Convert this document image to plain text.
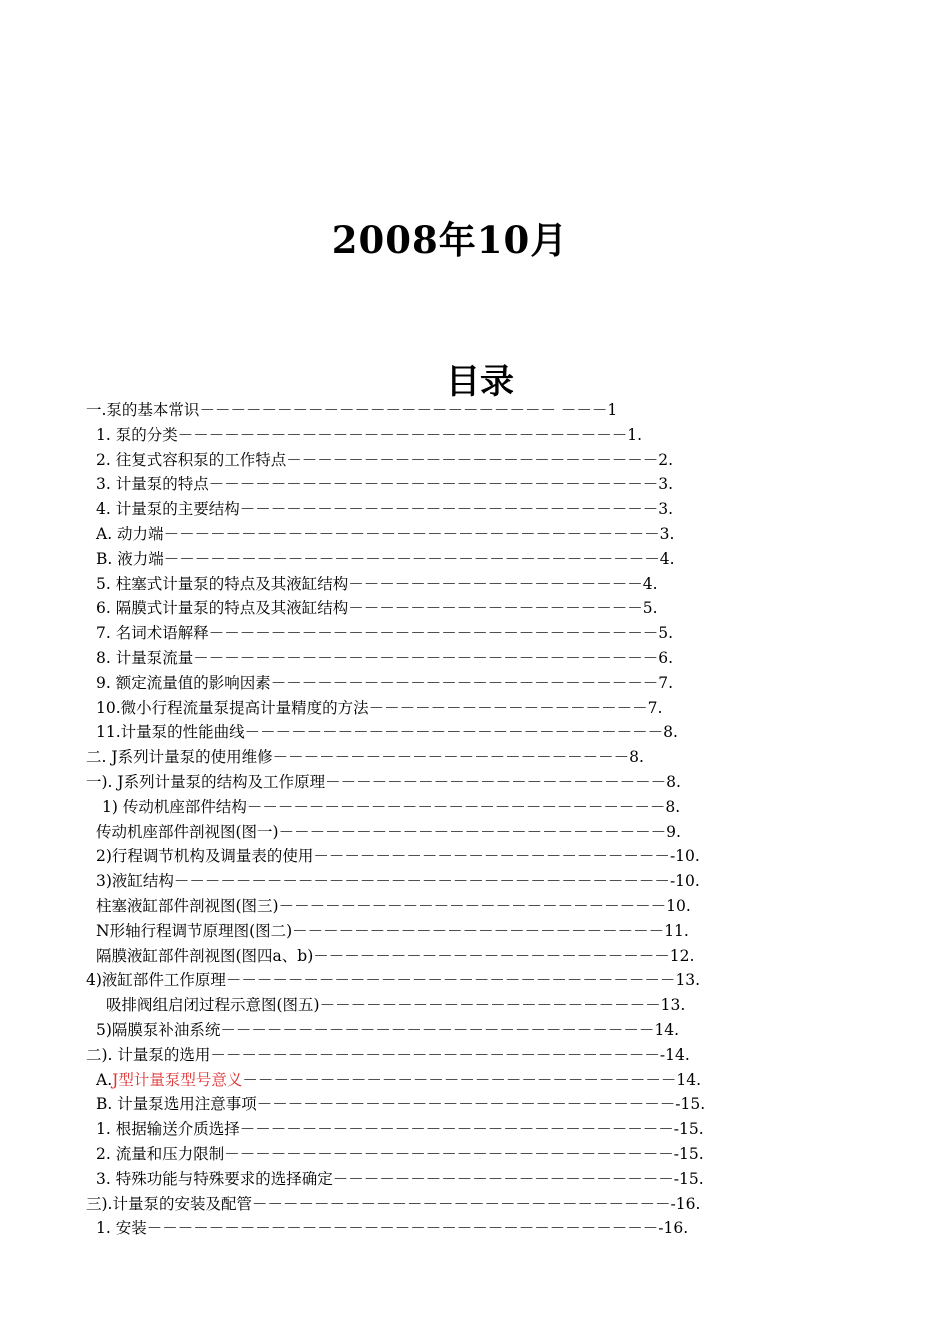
2008年10月
目录
一.泵的基本常识 －－－－－－－－－－－－－－－－－－－－－－－ －－－ 1
1. 泵的分类 －－－－－－－－－－－－－－－－－－－－－－－－－－－－－ 1.
2. 往复式容积泵的工作特点 －－－－－－－－－－－－－－－－－－－－－－－－ 2.
3. 计量泵的特点 －－－－－－－－－－－－－－－－－－－－－－－－－－－－－ 3.
4. 计量泵的主要结构 －－－－－－－－－－－－－－－－－－－－－－－－－－－ 3.
A. 动力端 －－－－－－－－－－－－－－－－－－－－－－－－－－－－－－－－ 3.
B. 液力端 －－－－－－－－－－－－－－－－－－－－－－－－－－－－－－－－ 4.
5. 柱塞式计量泵的特点及其液缸结构 －－－－－－－－－－－－－－－－－－－ 4.
6. 隔膜式计量泵的特点及其液缸结构 －－－－－－－－－－－－－－－－－－－ 5.
7. 名词术语解释 －－－－－－－－－－－－－－－－－－－－－－－－－－－－－ 5.
8. 计量泵流量 －－－－－－－－－－－－－－－－－－－－－－－－－－－－－－ 6.
9. 额定流量值的影响因素 －－－－－－－－－－－－－－－－－－－－－－－－－ 7.
10.微小行程流量泵提高计量精度的方法 －－－－－－－－－－－－－－－－－－ 7.
11.计量泵的性能曲线 －－－－－－－－－－－－－－－－－－－－－－－－－－－ 8.
二. J系列计量泵的使用维修 －－－－－－－－－－－－－－－－－－－－－－－ 8.
一). J系列计量泵的结构及工作原理 －－－－－－－－－－－－－－－－－－－－－－ 8.
1) 传动机座部件结构 －－－－－－－－－－－－－－－－－－－－－－－－－－－ 8.
传动机座部件剖视图(图一) －－－－－－－－－－－－－－－－－－－－－－－－－ 9.
2)行程调节机构及调量表的使用 －－－－－－－－－－－－－－－－－－－－－－－ -10.
3)液缸结构 －－－－－－－－－－－－－－－－－－－－－－－－－－－－－－－－ -10.
柱塞液缸部件剖视图(图三) －－－－－－－－－－－－－－－－－－－－－－－－－ 10.
N形轴行程调节原理图(图二) －－－－－－－－－－－－－－－－－－－－－－－－ 11.
隔膜液缸部件剖视图(图四a、b) －－－－－－－－－－－－－－－－－－－－－－－ 12.
4)液缸部件工作原理 －－－－－－－－－－－－－－－－－－－－－－－－－－－－－ 13.
吸排阀组启闭过程示意图(图五) －－－－－－－－－－－－－－－－－－－－－－ 13.
5)隔膜泵补油系统 －－－－－－－－－－－－－－－－－－－－－－－－－－－－ 14.
二). 计量泵的选用 －－－－－－－－－－－－－－－－－－－－－－－－－－－－－ -14.
A. J型计量泵型号意义 －－－－－－－－－－－－－－－－－－－－－－－－－－－－ 14.
B. 计量泵选用注意事项 －－－－－－－－－－－－－－－－－－－－－－－－－－－ -15.
1. 根据输送介质选择 －－－－－－－－－－－－－－－－－－－－－－－－－－－－ -15.
2. 流量和压力限制 －－－－－－－－－－－－－－－－－－－－－－－－－－－－－ -15.
3. 特殊功能与特殊要求的选择确定 －－－－－－－－－－－－－－－－－－－－－－ -15.
三).计量泵的安装及配管 －－－－－－－－－－－－－－－－－－－－－－－－－－－ -16.
1. 安装 －－－－－－－－－－－－－－－－－－－－－－－－－－－－－－－－－ -16.
